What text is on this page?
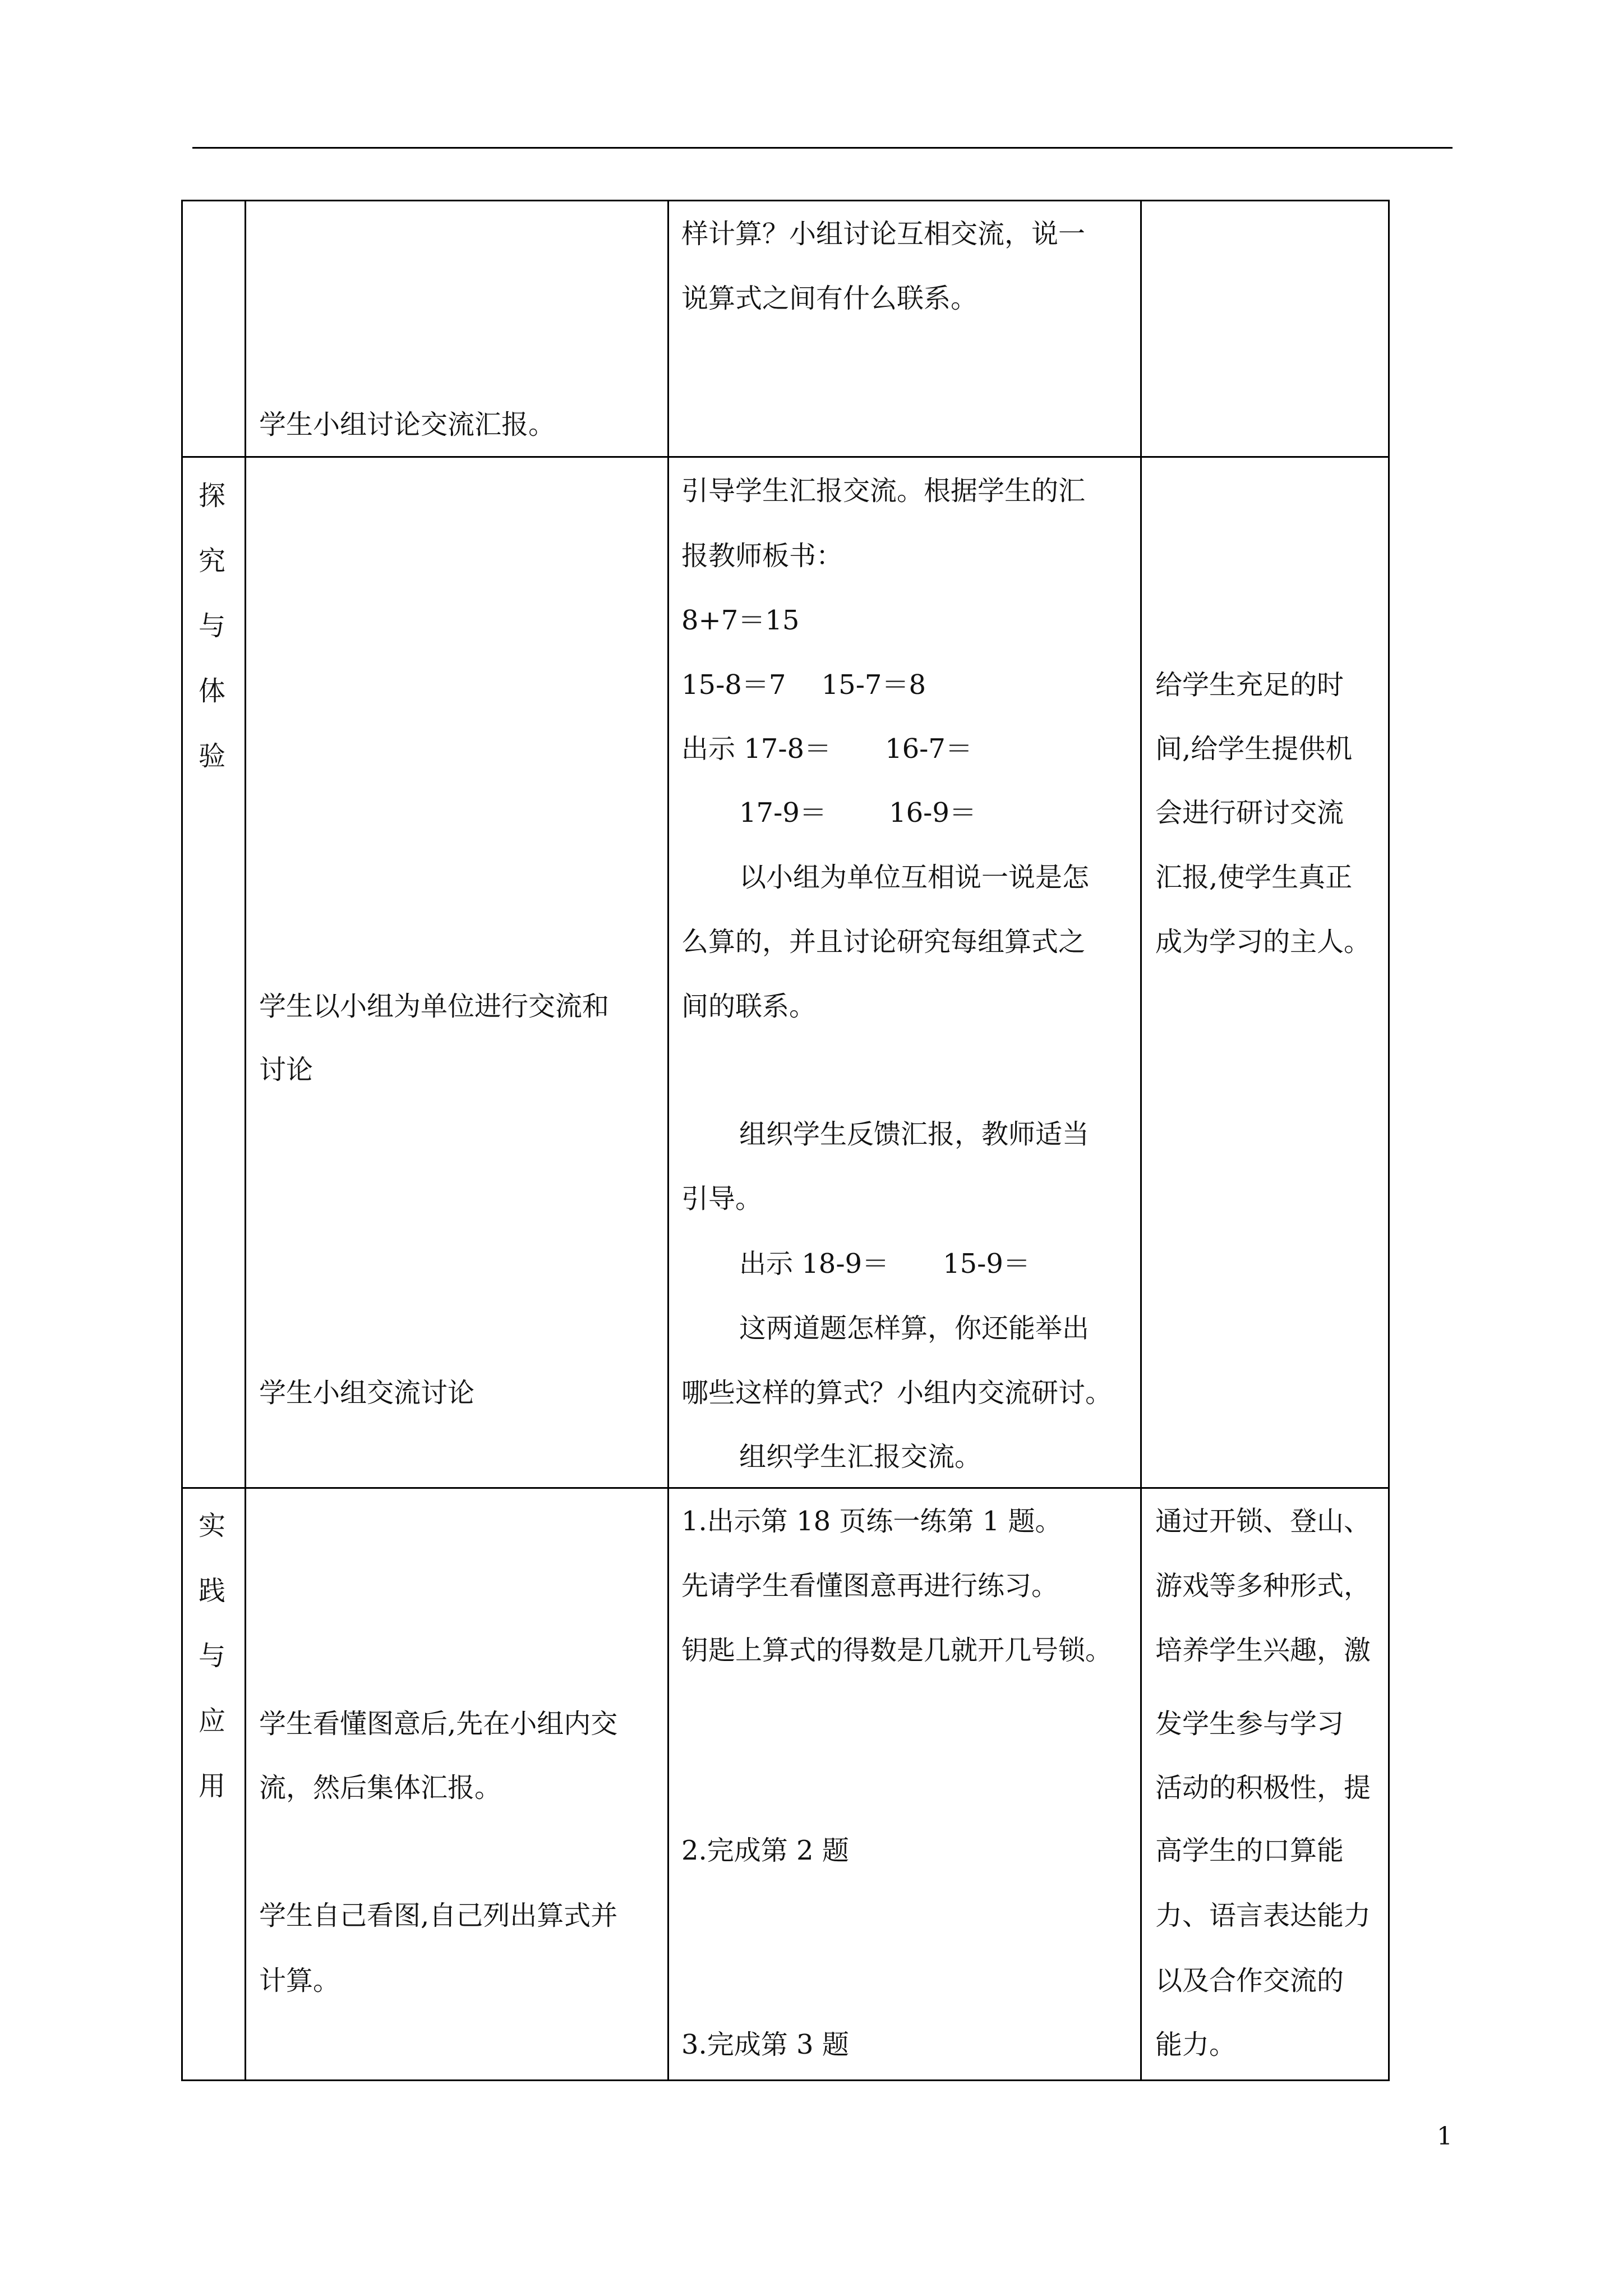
学生小组讨论交流汇报。
样计算？小组讨论互相交流，说一
说算式之间有什么联系。
探
究
与
体
验
学生以小组为单位进行交流和
讨论
学生小组交流讨论
引导学生汇报交流。根据学生的汇
报教师板书：
8+7＝15
15-8＝7　 15-7＝8
出示 17-8＝　　16-7＝
17-9＝　　 16-9＝
以小组为单位互相说一说是怎
么算的，并且讨论研究每组算式之
间的联系。
组织学生反馈汇报，教师适当
引导。
出示 18-9＝　　15-9＝
这两道题怎样算，你还能举出
哪些这样的算式？小组内交流研讨。
组织学生汇报交流。
给学生充足的时
间,给学生提供机
会进行研讨交流
汇报,使学生真正
成为学习的主人。
实
践
与
应
用
学生看懂图意后,先在小组内交
流，然后集体汇报。
学生自己看图,自己列出算式并
计算。
1.出示第 18 页练一练第 1 题。
先请学生看懂图意再进行练习。
钥匙上算式的得数是几就开几号锁。
2.完成第 2 题
3.完成第 3 题
通过开锁、登山、
游戏等多种形式，
培养学生兴趣，激
发学生参与学习
活动的积极性，提
高学生的口算能
力、语言表达能力
以及合作交流的
能力。
1
